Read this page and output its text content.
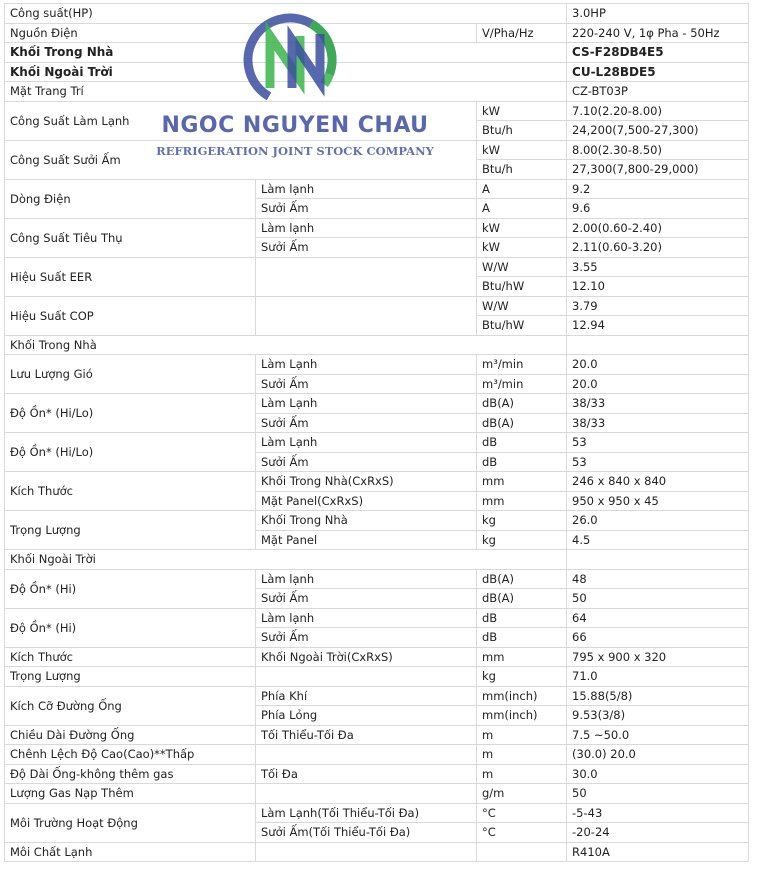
Công suất(HP)			3.0HP
Nguồn Điện		V/Pha/Hz	220-240 V, 1φ Pha - 50Hz
Khối Trong Nhà			CS-F28DB4E5
Khối Ngoài Trời			CU-L28BDE5
Mặt Trang Trí			CZ-BT03P
Công Suất Làm Lạnh		kW	7.10(2.20-8.00)
		Btu/h	24,200(7,500-27,300)
Công Suất Sưởi Ấm		kW	8.00(2.30-8.50)
		Btu/h	27,300(7,800-29,000)
Dòng Điện	Làm lạnh	A	9.2
	Sưởi Ấm	A	9.6
Công Suất Tiêu Thụ	Làm lạnh	kW	2.00(0.60-2.40)
	Sưởi Ấm	kW	2.11(0.60-3.20)
Hiệu Suất EER		W/W	3.55
		Btu/hW	12.10
Hiệu Suất COP		W/W	3.79
		Btu/hW	12.94
Khối Trong Nhà			
Lưu Lượng Gió	Làm Lạnh	m³/min	20.0
	Sưởi Ấm	m³/min	20.0
Độ Ồn* (Hi/Lo)	Làm Lạnh	dB(A)	38/33
	Sưởi Ấm	dB(A)	38/33
Độ Ồn* (Hi/Lo)	Làm Lạnh	dB	53
	Sưởi Ấm	dB	53
Kích Thước	Khối Trong Nhà(CxRxS)	mm	246 x 840 x 840
	Mặt Panel(CxRxS)	mm	950 x 950 x 45
Trọng Lượng	Khối Trong Nhà	kg	26.0
	Mặt Panel	kg	4.5
Khối Ngoài Trời			
Độ Ồn* (Hi)	Làm lạnh	dB(A)	48
	Sưởi Ấm	dB(A)	50
Độ Ồn* (Hi)	Làm lạnh	dB	64
	Sưởi Ấm	dB	66
Kích Thước	Khối Ngoài Trời(CxRxS)	mm	795 x 900 x 320
Trọng Lượng		kg	71.0
Kích Cỡ Đường Ống	Phía Khí	mm(inch)	15.88(5/8)
	Phía Lỏng	mm(inch)	9.53(3/8)
Chiều Dài Đường Ống	Tối Thiểu-Tối Đa	m	7.5 ~50.0
Chênh Lệch Độ Cao(Cao)**Thấp		m	(30.0) 20.0
Độ Dài Ống-không thêm gas	Tối Đa	m	30.0
Lượng Gas Nạp Thêm		g/m	50
Môi Trường Hoạt Động	Làm Lạnh(Tối Thiểu-Tối Đa)	°C	-5-43
	Sưởi Ấm(Tối Thiểu-Tối Đa)	°C	-20-24
Môi Chất Lạnh			R410A
NGOC NGUYEN CHAU
REFRIGERATION JOINT STOCK COMPANY
